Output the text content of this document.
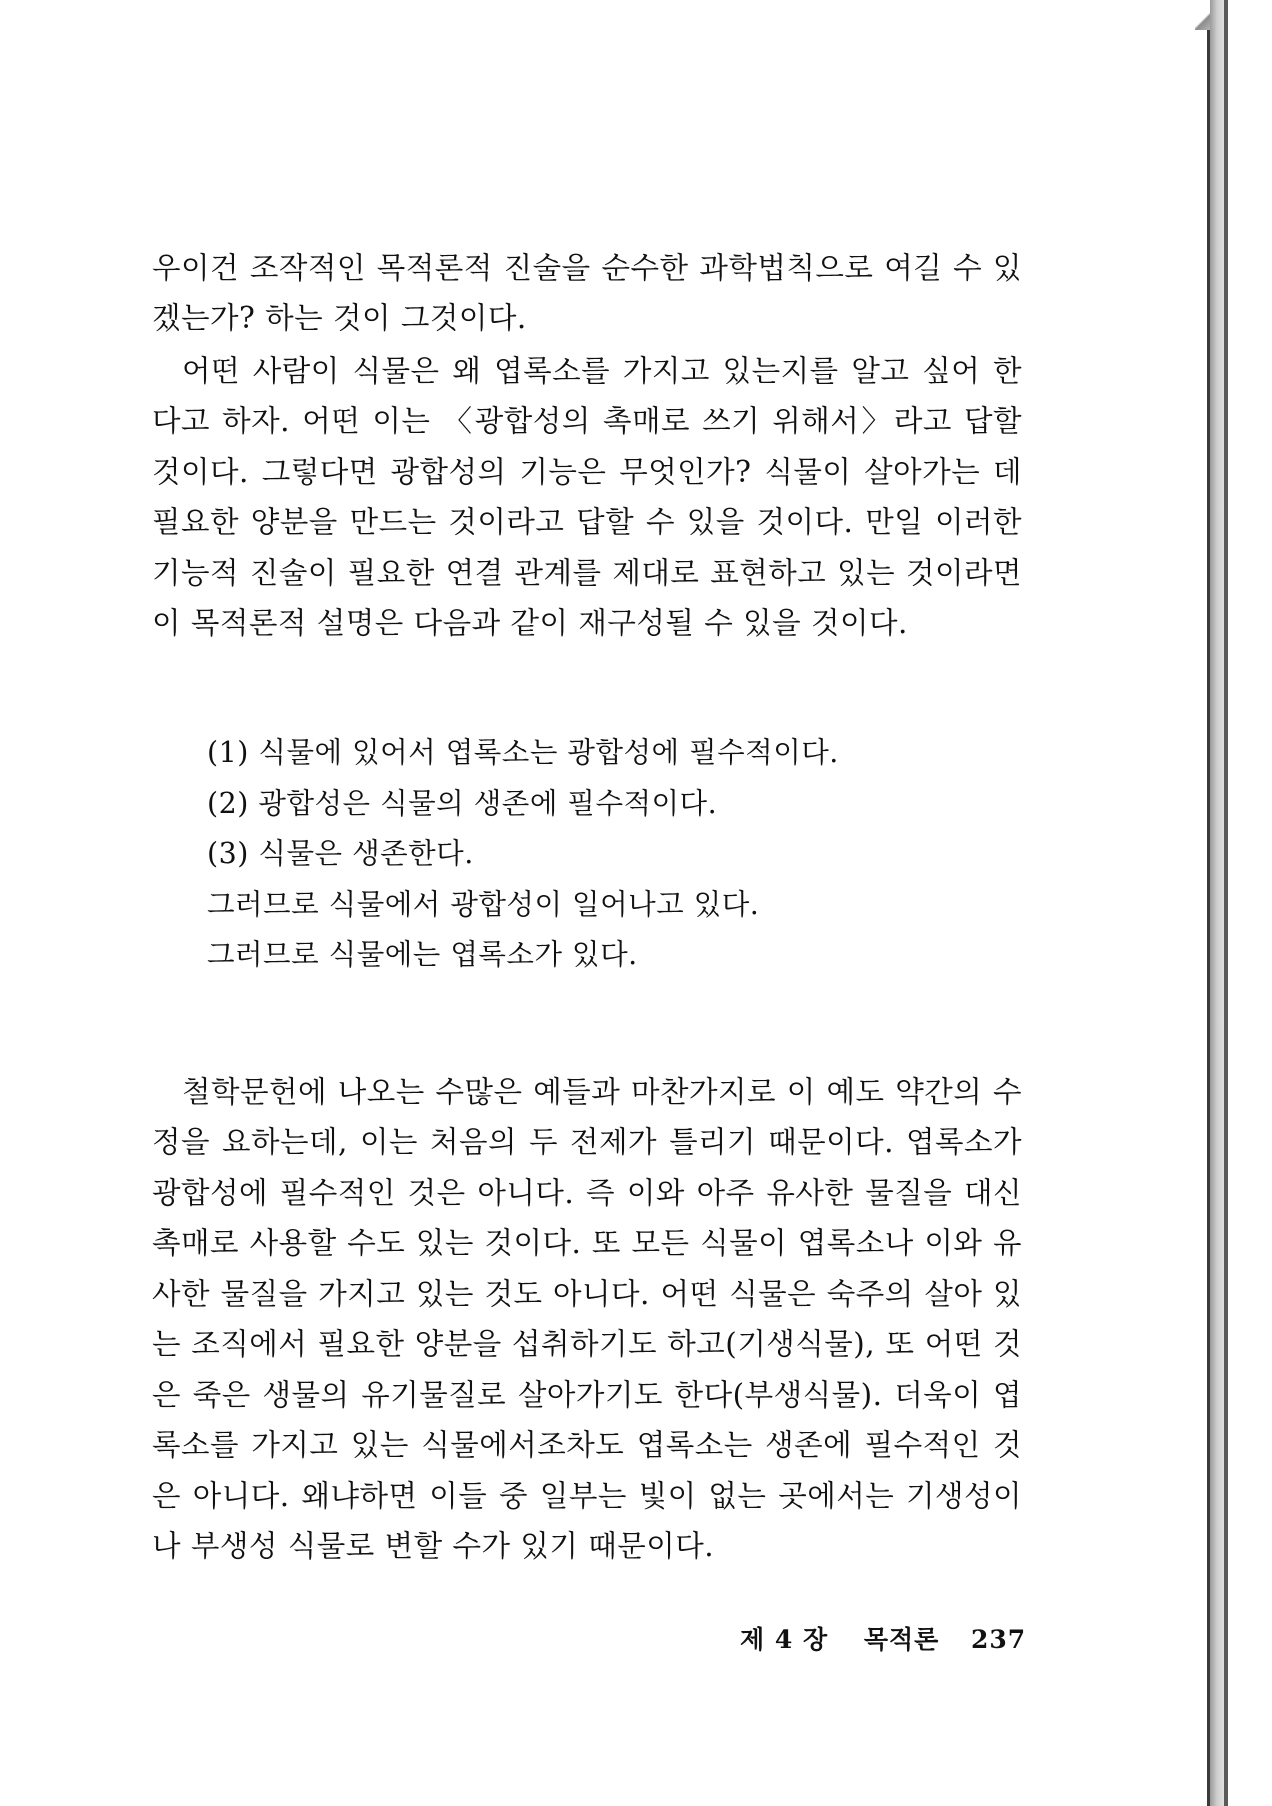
우이건 조작적인 목적론적 진술을 순수한 과학법칙으로 여길 수 있겠는가? 하는 것이 그것이다.

어떤 사람이 식물은 왜 엽록소를 가지고 있는지를 알고 싶어 한다고 하자. 어떤 이는 〈광합성의 촉매로 쓰기 위해서〉라고 답할 것이다. 그렇다면 광합성의 기능은 무엇인가? 식물이 살아가는 데 필요한 양분을 만드는 것이라고 답할 수 있을 것이다. 만일 이러한 기능적 진술이 필요한 연결 관계를 제대로 표현하고 있는 것이라면 이 목적론적 설명은 다음과 같이 재구성될 수 있을 것이다.

(1) 식물에 있어서 엽록소는 광합성에 필수적이다.
(2) 광합성은 식물의 생존에 필수적이다.
(3) 식물은 생존한다.
그러므로 식물에서 광합성이 일어나고 있다.
그러므로 식물에는 엽록소가 있다.

철학문헌에 나오는 수많은 예들과 마찬가지로 이 예도 약간의 수정을 요하는데, 이는 처음의 두 전제가 틀리기 때문이다. 엽록소가 광합성에 필수적인 것은 아니다. 즉 이와 아주 유사한 물질을 대신 촉매로 사용할 수도 있는 것이다. 또 모든 식물이 엽록소나 이와 유사한 물질을 가지고 있는 것도 아니다. 어떤 식물은 숙주의 살아 있는 조직에서 필요한 양분을 섭취하기도 하고(기생식물), 또 어떤 것은 죽은 생물의 유기물질로 살아가기도 한다(부생식물). 더욱이 엽록소를 가지고 있는 식물에서조차도 엽록소는 생존에 필수적인 것은 아니다. 왜냐하면 이들 중 일부는 빛이 없는 곳에서는 기생성이나 부생성 식물로 변할 수가 있기 때문이다.

제 4 장 목적론 237
